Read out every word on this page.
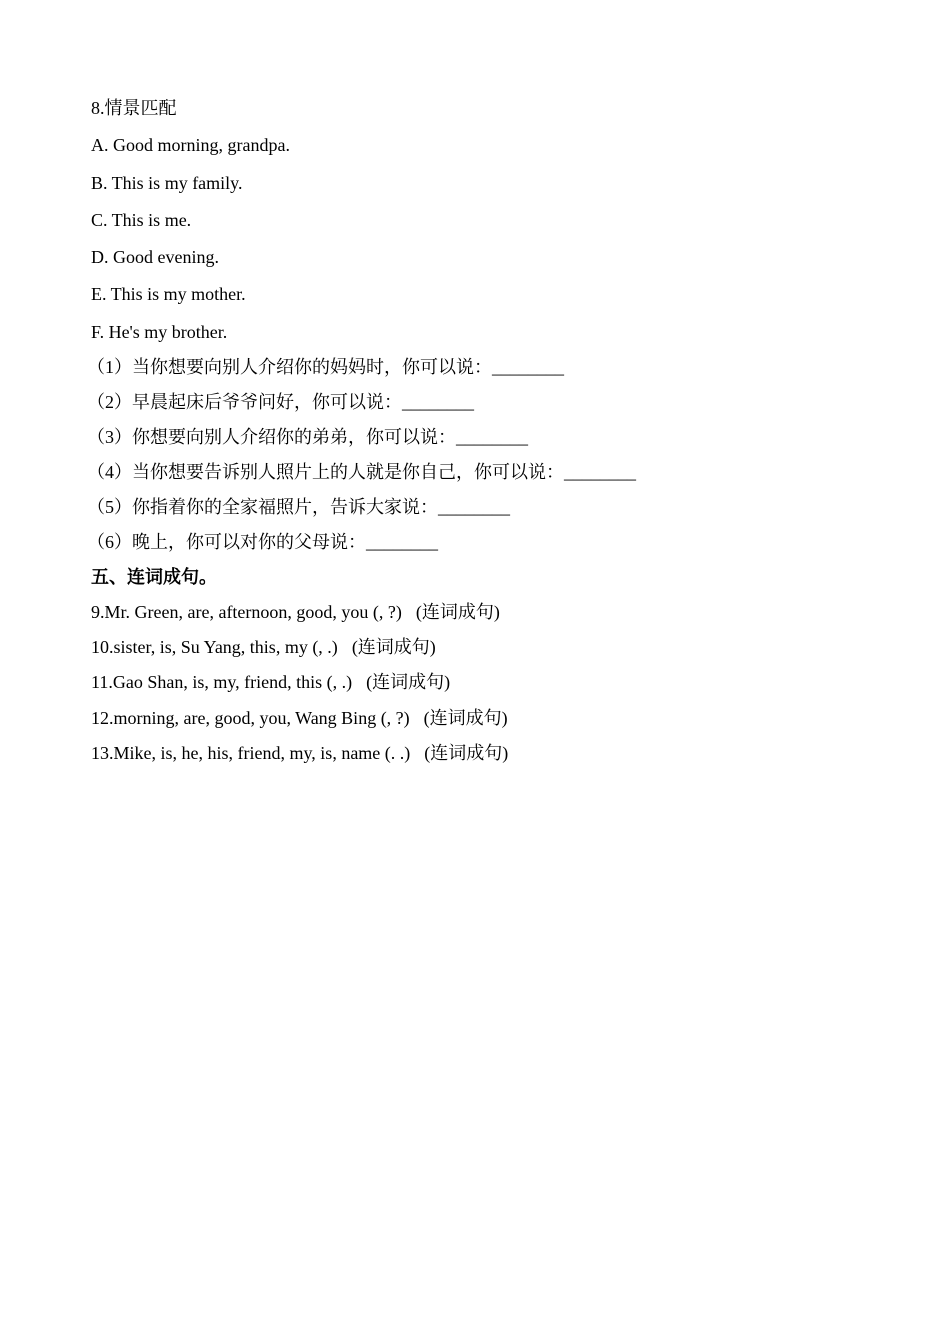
8.情景匹配
A. Good morning, grandpa.
B. This is my family.
C. This is me.
D. Good evening.
E. This is my mother.
F. He's my brother.
（1）当你想要向别人介绍你的妈妈时，你可以说：________
（2）早晨起床后爷爷问好，你可以说：________
（3）你想要向别人介绍你的弟弟，你可以说：________
（4）当你想要告诉别人照片上的人就是你自己，你可以说：________
（5）你指着你的全家福照片，告诉大家说：________
（6）晚上，你可以对你的父母说：________
五、连词成句。
9.Mr. Green, are, afternoon, good, you (, ?) (连词成句)
10.sister, is, Su Yang, this, my (, .) (连词成句)
11.Gao Shan, is, my, friend, this (, .) (连词成句)
12.morning, are, good, you, Wang Bing (, ?) (连词成句)
13.Mike, is, he, his, friend, my, is, name (. .) (连词成句)
